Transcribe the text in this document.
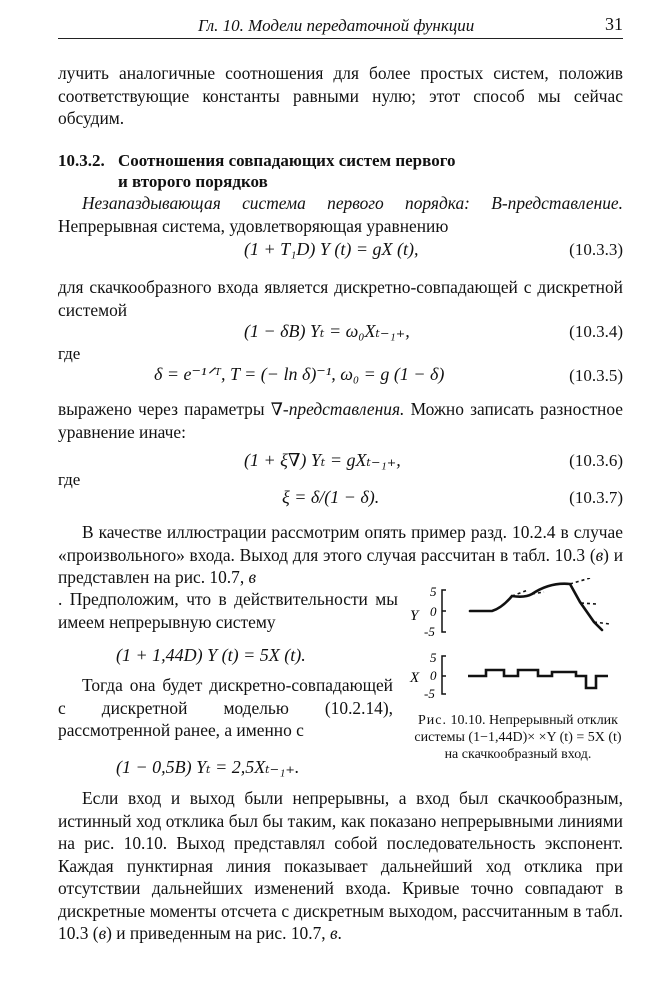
Гл. 10. Модели передаточной функции	31
лучить аналогичные соотношения для более простых систем, положив соответствующие константы равными нулю; этот способ мы сейчас обсудим.
10.3.2. Соотношения совпадающих систем первого
и второго порядков
Незапаздывающая система первого порядка: В-представление. Непрерывная система, удовлетворяющая уравнению
(1 + T₁D) Y (t) = gX (t),	(10.3.3)
для скачкообразного входа является дискретно-совпадающей с дискретной системой
(1 − δB) Yₜ = ω₀Xₜ₋₁₊,	(10.3.4)
где
δ = e⁻¹ᐟᵀ, T = (− ln δ)⁻¹, ω₀ = g (1 − δ)	(10.3.5)
выражено через параметры ∇-представления. Можно записать разностное уравнение иначе:
(1 + ξ∇) Yₜ = gXₜ₋₁₊,	(10.3.6)
где
ξ = δ/(1 − δ).	(10.3.7)
В качестве иллюстрации рассмотрим опять пример разд. 10.2.4 в случае «произвольного» входа. Выход для этого случая рассчитан в табл. 10.3 (в) и представлен на рис. 10.7, в
. Предположим, что в действительности мы имеем непрерывную систему
(1 + 1,44D) Y (t) = 5X (t).
Тогда она будет дискретно-совпадающей с дискретной моделью (10.2.14), рассмотренной ранее, а именно с
(1 − 0,5B) Yₜ = 2,5Xₜ₋₁₊.
Если вход и выход были непрерывны, а вход был скачкообразным, истинный ход отклика был бы таким, как показано непрерывными линиями на рис. 10.10. Выход представлял собой последовательность экспонент. Каждая пунктирная линия показывает дальнейший ход отклика при отсутствии дальнейших изменений входа. Кривые точно совпадают в дискретные моменты отсчета с дискретным выходом, рассчитанным в табл. 10.3 (в) и приведенным на рис. 10.7, в.
Y
5
0
-5
X
5
0
-5
Рис. 10.10. Непрерывный отклик системы (1−1,44D)× ×Y (t) = 5X (t) на скачкообразный вход.
